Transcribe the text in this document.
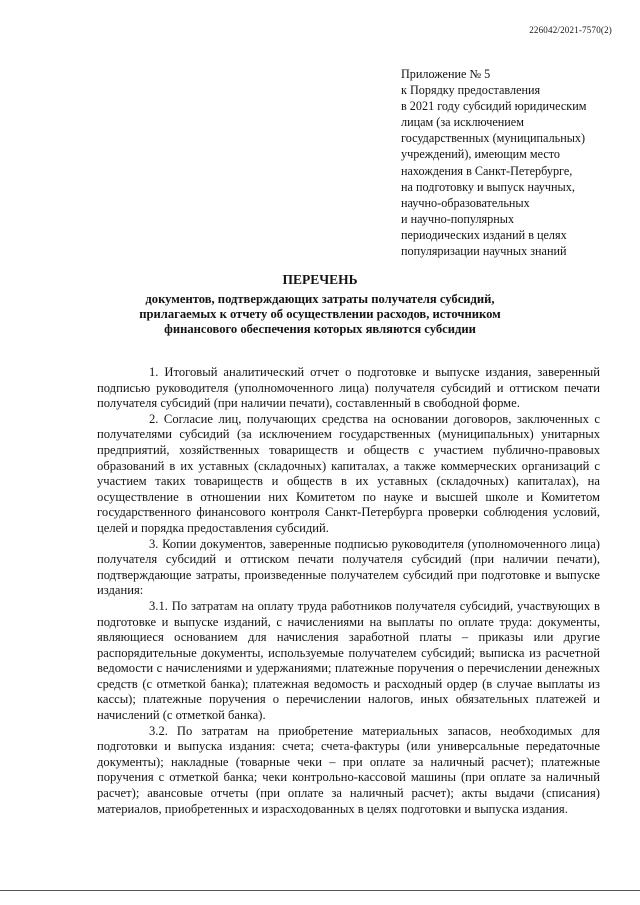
226042/2021-7570(2)
Приложение № 5
к Порядку предоставления
в 2021 году субсидий юридическим
лицам (за исключением
государственных (муниципальных)
учреждений), имеющим место
нахождения в Санкт-Петербурге,
на подготовку и выпуск научных,
научно-образовательных
и научно-популярных
периодических изданий в целях
популяризации научных знаний
ПЕРЕЧЕНЬ
документов, подтверждающих затраты получателя субсидий,
прилагаемых к отчету об осуществлении расходов, источником
финансового обеспечения которых являются субсидии

1. Итоговый аналитический отчет о подготовке и выпуске издания, заверенный подписью руководителя (уполномоченного лица) получателя субсидий и оттиском печати получателя субсидий (при наличии печати), составленный в свободной форме.

2. Согласие лиц, получающих средства на основании договоров, заключенных с получателями субсидий (за исключением государственных (муниципальных) унитарных предприятий, хозяйственных товариществ и обществ с участием публично-правовых образований в их уставных (складочных) капиталах, а также коммерческих организаций с участием таких товариществ и обществ в их уставных (складочных) капиталах), на осуществление в отношении них Комитетом по науке и высшей школе и Комитетом государственного финансового контроля Санкт-Петербурга проверки соблюдения условий, целей и порядка предоставления субсидий.

3. Копии документов, заверенные подписью руководителя (уполномоченного лица) получателя субсидий и оттиском печати получателя субсидий (при наличии печати), подтверждающие затраты, произведенные получателем субсидий при подготовке и выпуске издания:

3.1. По затратам на оплату труда работников получателя субсидий, участвующих в подготовке и выпуске изданий, с начислениями на выплаты по оплате труда: документы, являющиеся основанием для начисления заработной платы – приказы или другие распорядительные документы, используемые получателем субсидий; выписка из расчетной ведомости с начислениями и удержаниями; платежные поручения о перечислении денежных средств (с отметкой банка); платежная ведомость и расходный ордер (в случае выплаты из кассы); платежные поручения о перечислении налогов, иных обязательных платежей и начислений (с отметкой банка).

3.2. По затратам на приобретение материальных запасов, необходимых для подготовки и выпуска издания: счета; счета-фактуры (или универсальные передаточные документы); накладные (товарные чеки – при оплате за наличный расчет); платежные поручения с отметкой банка; чеки контрольно-кассовой машины (при оплате за наличный расчет); авансовые отчеты (при оплате за наличный расчет); акты выдачи (списания) материалов, приобретенных и израсходованных в целях подготовки и выпуска издания.
